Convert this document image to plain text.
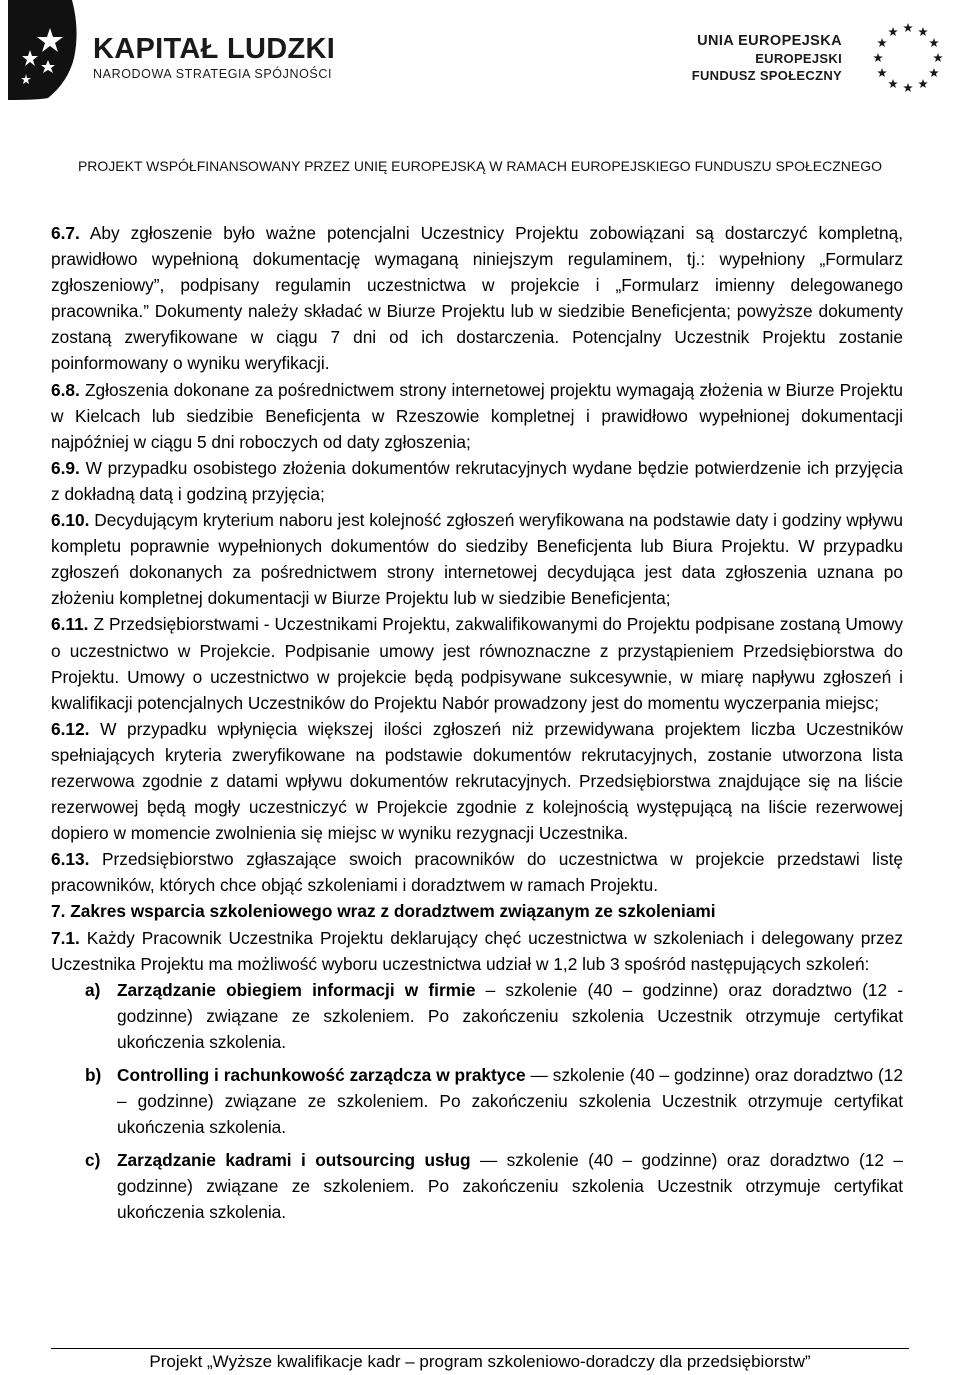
KAPITAŁ LUDZKI
NARODOWA STRATEGIA SPÓJNOŚCI
UNIA EUROPEJSKA
EUROPEJSKI
FUNDUSZ SPOŁECZNY
PROJEKT WSPÓŁFINANSOWANY PRZEZ UNIĘ EUROPEJSKĄ W RAMACH EUROPEJSKIEGO FUNDUSZU SPOŁECZNEGO

6.7. Aby zgłoszenie było ważne potencjalni Uczestnicy Projektu zobowiązani są dostarczyć kompletną, prawidłowo wypełnioną dokumentację wymaganą niniejszym regulaminem, tj.: wypełniony „Formularz zgłoszeniowy”, podpisany regulamin uczestnictwa w projekcie i „Formularz imienny delegowanego pracownika.” Dokumenty należy składać w Biurze Projektu lub w siedzibie Beneficjenta; powyższe dokumenty zostaną zweryfikowane w ciągu 7 dni od ich dostarczenia. Potencjalny Uczestnik Projektu zostanie poinformowany o wyniku weryfikacji.

6.8. Zgłoszenia dokonane za pośrednictwem strony internetowej projektu wymagają złożenia w Biurze Projektu w Kielcach lub siedzibie Beneficjenta w Rzeszowie kompletnej i prawidłowo wypełnionej dokumentacji najpóźniej w ciągu 5 dni roboczych od daty zgłoszenia;

6.9. W przypadku osobistego złożenia dokumentów rekrutacyjnych wydane będzie potwierdzenie ich przyjęcia z dokładną datą i godziną przyjęcia;

6.10. Decydującym kryterium naboru jest kolejność zgłoszeń weryfikowana na podstawie daty i godziny wpływu kompletu poprawnie wypełnionych dokumentów do siedziby Beneficjenta lub Biura Projektu. W przypadku zgłoszeń dokonanych za pośrednictwem strony internetowej decydująca jest data zgłoszenia uznana po złożeniu kompletnej dokumentacji w Biurze Projektu lub w siedzibie Beneficjenta;

6.11. Z Przedsiębiorstwami - Uczestnikami Projektu, zakwalifikowanymi do Projektu podpisane zostaną Umowy o uczestnictwo w Projekcie. Podpisanie umowy jest równoznaczne z przystąpieniem Przedsiębiorstwa do Projektu. Umowy o uczestnictwo w projekcie będą podpisywane sukcesywnie, w miarę napływu zgłoszeń i kwalifikacji potencjalnych Uczestników do Projektu Nabór prowadzony jest do momentu wyczerpania miejsc;

6.12. W przypadku wpłynięcia większej ilości zgłoszeń niż przewidywana projektem liczba Uczestników spełniających kryteria zweryfikowane na podstawie dokumentów rekrutacyjnych, zostanie utworzona lista rezerwowa zgodnie z datami wpływu dokumentów rekrutacyjnych. Przedsiębiorstwa znajdujące się na liście rezerwowej będą mogły uczestniczyć w Projekcie zgodnie z kolejnością występującą na liście rezerwowej dopiero w momencie zwolnienia się miejsc w wyniku rezygnacji Uczestnika.

6.13. Przedsiębiorstwo zgłaszające swoich pracowników do uczestnictwa w projekcie przedstawi listę pracowników, których chce objąć szkoleniami i doradztwem w ramach Projektu.

7. Zakres wsparcia szkoleniowego wraz z doradztwem związanym ze szkoleniami

7.1. Każdy Pracownik Uczestnika Projektu deklarujący chęć uczestnictwa w szkoleniach i delegowany przez Uczestnika Projektu ma możliwość wyboru uczestnictwa udział w 1,2 lub 3 spośród następujących szkoleń:

a) Zarządzanie obiegiem informacji w firmie – szkolenie (40 – godzinne) oraz doradztwo (12 - godzinne) związane ze szkoleniem. Po zakończeniu szkolenia Uczestnik otrzymuje certyfikat ukończenia szkolenia.
b) Controlling i rachunkowość zarządcza w praktyce — szkolenie (40 – godzinne) oraz doradztwo (12 – godzinne) związane ze szkoleniem. Po zakończeniu szkolenia Uczestnik otrzymuje certyfikat ukończenia szkolenia.
c) Zarządzanie kadrami i outsourcing usług — szkolenie (40 – godzinne) oraz doradztwo (12 – godzinne) związane ze szkoleniem. Po zakończeniu szkolenia Uczestnik otrzymuje certyfikat ukończenia szkolenia.
Projekt „Wyższe kwalifikacje kadr – program szkoleniowo-doradczy dla przedsiębiorstw”
